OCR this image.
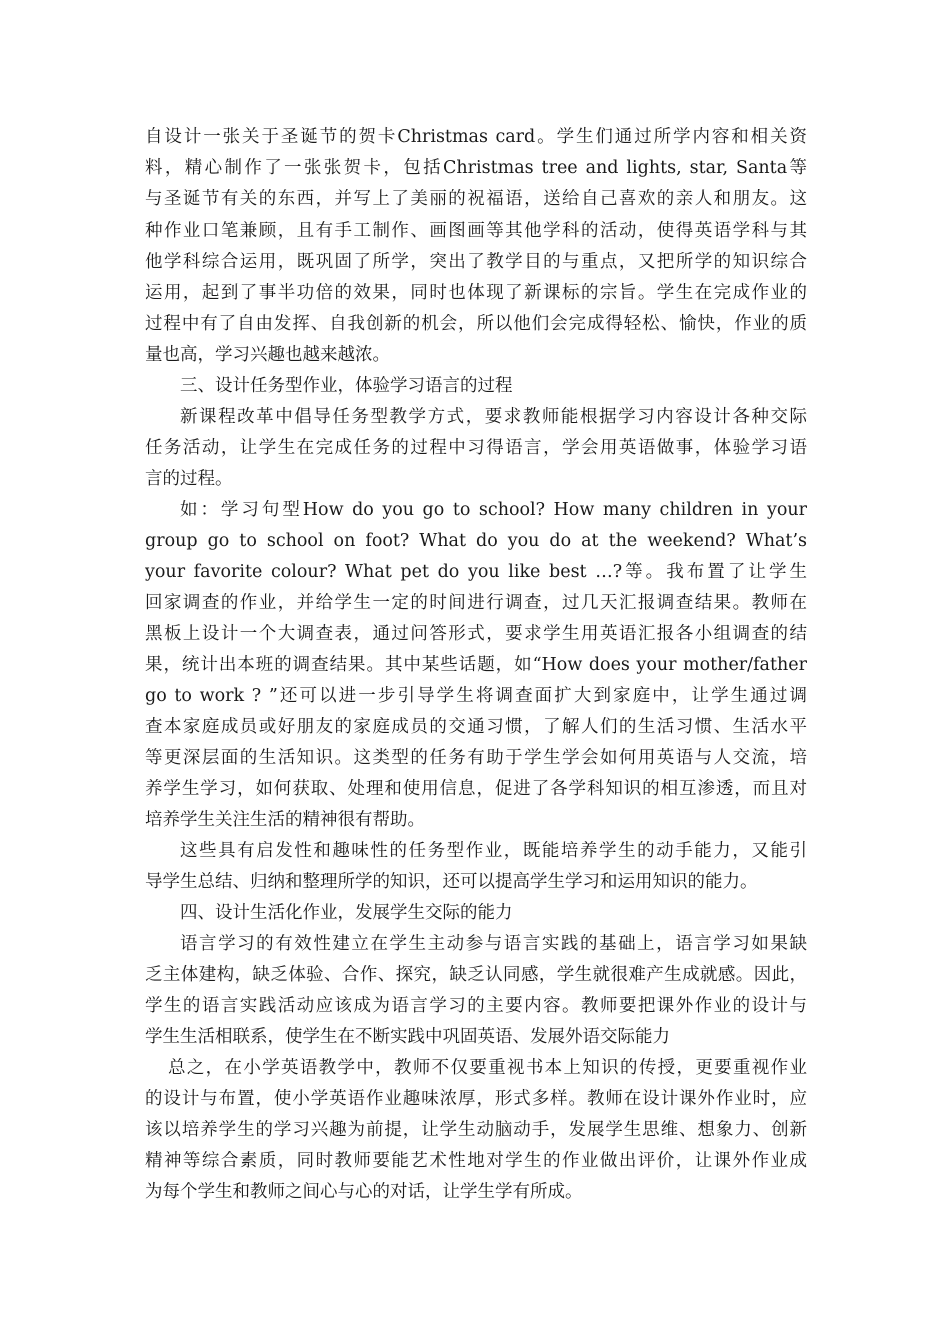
自设计一张关于圣诞节的贺卡Christmas card。学生们通过所学内容和相关资
料，精心制作了一张张贺卡，包括Christmas tree and lights, star, Santa等
与圣诞节有关的东西，并写上了美丽的祝福语，送给自己喜欢的亲人和朋友。这
种作业口笔兼顾，且有手工制作、画图画等其他学科的活动，使得英语学科与其
他学科综合运用，既巩固了所学，突出了教学目的与重点，又把所学的知识综合
运用，起到了事半功倍的效果，同时也体现了新课标的宗旨。学生在完成作业的
过程中有了自由发挥、自我创新的机会，所以他们会完成得轻松、愉快，作业的质
量也高，学习兴趣也越来越浓。
三、设计任务型作业，体验学习语言的过程
新课程改革中倡导任务型教学方式，要求教师能根据学习内容设计各种交际
任务活动，让学生在完成任务的过程中习得语言，学会用英语做事，体验学习语
言的过程。
如：学习句型How do you go to school? How many children in your
group go to school on foot? What do you do at the weekend? What’s
your favorite colour? What pet do you like best …?等。我布置了让学生
回家调查的作业，并给学生一定的时间进行调查，过几天汇报调查结果。教师在
黑板上设计一个大调查表，通过问答形式，要求学生用英语汇报各小组调查的结
果，统计出本班的调查结果。其中某些话题，如“How does your mother/father
go to work ? ”还可以进一步引导学生将调查面扩大到家庭中，让学生通过调
查本家庭成员或好朋友的家庭成员的交通习惯，了解人们的生活习惯、生活水平
等更深层面的生活知识。这类型的任务有助于学生学会如何用英语与人交流，培
养学生学习，如何获取、处理和使用信息，促进了各学科知识的相互渗透，而且对
培养学生关注生活的精神很有帮助。
这些具有启发性和趣味性的任务型作业，既能培养学生的动手能力，又能引
导学生总结、归纳和整理所学的知识，还可以提高学生学习和运用知识的能力。
四、设计生活化作业，发展学生交际的能力
语言学习的有效性建立在学生主动参与语言实践的基础上，语言学习如果缺
乏主体建构，缺乏体验、合作、探究，缺乏认同感，学生就很难产生成就感。因此，
学生的语言实践活动应该成为语言学习的主要内容。教师要把课外作业的设计与
学生生活相联系，使学生在不断实践中巩固英语、发展外语交际能力
总之，在小学英语教学中，教师不仅要重视书本上知识的传授，更要重视作业
的设计与布置，使小学英语作业趣味浓厚，形式多样。教师在设计课外作业时，应
该以培养学生的学习兴趣为前提，让学生动脑动手，发展学生思维、想象力、创新
精神等综合素质，同时教师要能艺术性地对学生的作业做出评价，让课外作业成
为每个学生和教师之间心与心的对话，让学生学有所成。
